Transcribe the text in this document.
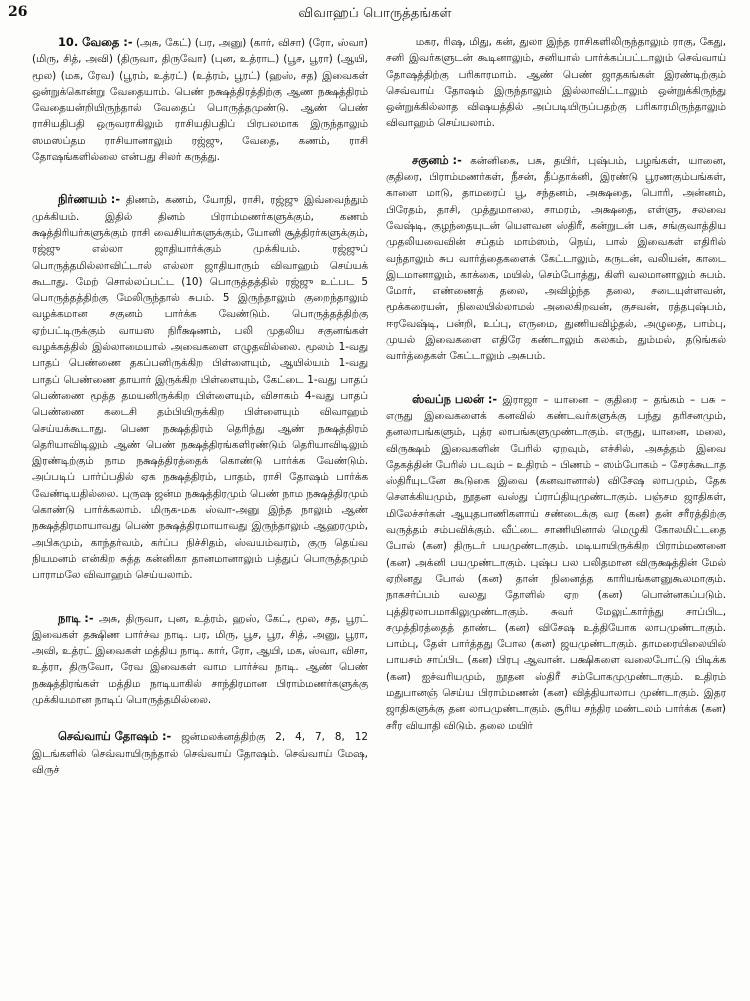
26	விவாஹப் பொருத்தங்கள்

10. வேதை :- (அசு, கேட்) (பர, அனு) (கார், விசா) (ரோ, ஸ்வா) (மிரு, சித், அவி) (திருவா, திருவோ) (புன, உத்ராட) (பூச, பூரா) (ஆயி, மூல) (மக, ரேவ) (பூரம், உத்ரட்) (உத்ரம், பூரட்) (ஹஸ், சத) இவைகள் ஒன்றுக்கொன்று வேதையாம். பெண் நக்ஷத்திரத்திற்கு ஆண நக்ஷத்திரம் வேதையன்றியிருந்தால் வேதைப் பொருத்தமுண்டு. ஆண் பெண் ராசியதிபதி ஒருவராகிலும் ராசியதிபதிப் பிரபலமாக இருந்தாலும் ஸமஸப்தம ராசியானாலும் ரஜ்ஜு, வேதை, கணம், ராசி தோஷங்களில்லை என்பது சிலர் கருத்து.

நிர்ணயம் :- திணம், கணம், யோநி, ராசி, ரஜ்ஜு இவ்வைந்தும் முக்கியம். இதில் தினம் பிராம்மணர்களுக்கும், கணம் க்ஷத்திரியர்களுக்கும் ராசி வைசியர்களுக்கும், யோனி சூத்திரர்களுக்கும், ரஜ்ஜு எல்லா ஜாதியார்க்கும் முக்கியம். ரஜ்ஜுப் பொருத்தமில்லாவிட்டால் எல்லா ஜாதியாரும் விவாஹம் செய்யக் கூடாது. மேற் சொல்லப்பட்ட (10) பொருத்தத்தில் ரஜ்ஜு உட்பட 5 பொருத்தத்திற்கு மேலிருந்தால் சுபம். 5 இருந்தாலும் குறைந்தாலும் வழக்கமான சகுனம் பார்க்க வேண்டும். பொருத்தத்திற்கு ஏற்பட்டிருக்கும் வாயஸ நிரீக்ஷணம், பலி முதலிய சகுனங்கள் வழக்கத்தில் இல்லாமையால் அவைகளை எழுதவில்லை. மூலம் 1-வது பாதப் பெண்ணை தகப்பனிருக்கிற பிள்ளையும், ஆயில்யம் 1-வது பாதப் பெண்ணை தாயார் இருக்கிற பிள்ளையும், கேட்டை 1-வது பாதப் பெண்ணை மூத்த தமயனிருக்கிற பிள்ளையும், விசாகம் 4-வது பாதப் பெண்ணை கடைசி தம்பியிருக்கிற பிள்ளையும் விவாஹம் செய்யக்கூடாது. பெண நக்ஷத்திரம் தெரிந்து ஆண் நக்ஷத்திரம் தெரியாவிடிலும் ஆண் பெண் நக்ஷத்திரங்களிரண்டும் தெரியாவிடிலும் இரண்டிற்கும் நாம நக்ஷத்திரத்தைக் கொண்டு பார்க்க வேண்டும். அப்படிப் பார்ப்பதில் ஏக நக்ஷத்திரம், பாதம், ராசி தோஷம் பார்க்க வேண்டியதில்லை. புருஷ ஜன்ம நக்ஷத்திரமும் பெண் நாம நக்ஷத்திரமும் கொண்டு பார்க்கலாம். மிருக-மக ஸ்வா-அனு இந்த நாலும் ஆண் நக்ஷத்திரமாயாவது பெண் நக்ஷத்திரமாயாவது இருந்தாலும் ஆஹரமும், அபிகமும், காந்தர்வம், கர்ப்ப நிச்சிதம், ஸ்வயம்வரம், குரு தெய்வ நியமனம் என்கிற சுத்த கன்னிகா தானமானாலும் பத்துப் பொருத்தமும் பாராமலே விவாஹம் செய்யலாம்.

நாடி :- அசு, திருவா, புன, உத்ரம், ஹஸ், கேட், மூல, சத, பூரட் இவைகள் தக்ஷிண பார்ச்வ நாடி. பர, மிரு, பூச, பூர, சித், அனு, பூரா, அவி, உத்ரட் இவைகள் மத்திய நாடி. கார், ரோ, ஆயி, மக, ஸ்வா, விசா, உத்ரா, திருவோ, ரேவ இவைகள் வாம பார்ச்வ நாடி. ஆண் பெண் நக்ஷத்திரங்கள் மத்திம நாடியாகில் சாந்திரமான பிராம்மணர்களுக்கு முக்கியமான நாடிப் பொருத்தமில்லை.

செவ்வாய் தோஷம் :- ஜன்மலக்னத்திற்கு 2, 4, 7, 8, 12 இடங்களில் செவ்வாயிருந்தால் செவ்வாய் தோஷம். செவ்வாய் மேஷ, விருச்

மகர, ரிஷ, மிது, கன், துலா இந்த ராசிகளிலிருந்தாலும் ராகு, கேது, சனி இவர்களுடன் கூடினாலும், சனியால் பார்க்கப்பட்டாலும் செவ்வாய் தோஷத்திற்கு பரிகாரமாம். ஆண் பெண் ஜாதகங்கள் இரண்டிற்கும் செவ்வாய் தோஷம் இருந்தாலும் இல்லாவிட்டாலும் ஒன்றுக்கிருந்து ஒன்றுக்கில்லாத விஷயத்தில் அப்படியிருப்பதற்கு பரிகாரமிருந்தாலும் விவாஹம் செய்யலாம்.

சகுனம் :- கன்னிகை, பசு, தயிர், புஷ்பம், பழங்கள், யானை, குதிரை, பிராம்மணர்கள், நீசன், தீப்தாக்னி, இரண்டு பூரணகும்பங்கள், காளை மாடு, தாமரைப் பூ, சந்தனம், அக்ஷதை, பொரி, அன்னம், பிரேதம், தாசி, முத்துமாலை, சாமரம், அக்ஷதை, எள்ளு, சலவை வேஷ்டி, குழந்தையுடன் யௌவன ஸ்திரீ, கன்றுடன் பசு, சங்குவாத்திய முதலியவைவின் சப்தம் மாம்ஸம், நெய், பால் இவைகள் எதிரில் வந்தாலும் சுப வார்த்தைகளைக் கேட்டாலும், கருடன், வலியன், காடை இடமானாலும், காக்கை, மயில், செம்போத்து, கிளி வலமானாலும் சுபம். மோர், எண்ணைத் தலை, அவிழ்ந்த தலை, சடையுள்ளவன், மூக்கரையன், நிலையில்லாமல் அலைகிறவன், குசவன், ரத்தபுஷ்பம், ஈரவேஷ்டி, பன்றி, உப்பு, எருமை, துணியவிழ்தல், அழுதை, பாம்பு, முயல் இவைகளை எதிரே கண்டாலும் கலகம், தும்மல், தடுங்கல் வார்த்தைகள் கேட்டாலும் அசுபம்.

ஸ்வப்ந பலன் :- இராஜா – யானை – குதிரை – தங்கம் – பசு – எருது இவைகளைக் கனவில் கண்டவர்களுக்கு பந்து தரிசனமும், தனலாபங்களும், புத்ர லாபங்களுமுண்டாகும். எருது, யானை, மலை, விருக்ஷம் இவைகளின் பேரில் ஏறவும், எச்சில், அசுத்தம் இவை தேகத்தின் பேரில் படவும் – உதிரம் – பிணம் – ஸம்போகம் – சேரக்கூடாத ஸ்திரீயுடனே கூடுகை இவை (கனவானால்) விசேஷ லாபமும், தேக சௌக்கியமும், நூதன வஸ்து ப்ராப்தியுமுண்டாகும். பஞ்சம ஜாதிகள், மிலேச்சர்கள் ஆயுதபாணிகளாய் சண்டைக்கு வர (கன) தன் சரீரத்திற்கு வருத்தம் சம்பவிக்கும். வீட்டை சாணியினால் மெழுகி கோலமிட்டதை போல் (கன) திருடர் பயமுண்டாகும். மடியாயிருக்கிற பிராம்மணனை (கன) அக்னி பயமுண்டாகும். புஷ்ப பல பலிதமான விருக்ஷத்தின் மேல் ஏறினது போல் (கன) தான் நினைத்த காரியங்களனுகூலமாகும். நாகசர்ப்பம் வலது தோளில் ஏற (கன) பொன்னகப்படும். புத்திரலாபமாகிலுமுண்டாகும். சுவர் மேலுட்கார்ந்து சாப்பிட, சமுத்திரத்தைத் தாண்ட (கன) விசேஷ உத்தியோக லாபமுண்டாகும். பாம்பு, தேள் பார்த்தது போல (கன) ஜயமுண்டாகும். தாமரையிலையில் பாயசம் சாப்பிட (கன) பிரபு ஆவான். பக்ஷிகளை வலைபோட்டு பிடிக்க (கன) ஐச்வரியமும், நூதன ஸ்திரீ சம்போகமுமுண்டாகும். உதிரம் மதுபானஞ் செய்ய பிராம்மணன் (கன) வித்தியாலாப முண்டாகும். இதர ஜாதிகளுக்கு தன லாபமுண்டாகும். சூரிய சந்திர மண்டலம் பார்க்க (கன) சரீர வியாதி விடும். தலை மயிர்
